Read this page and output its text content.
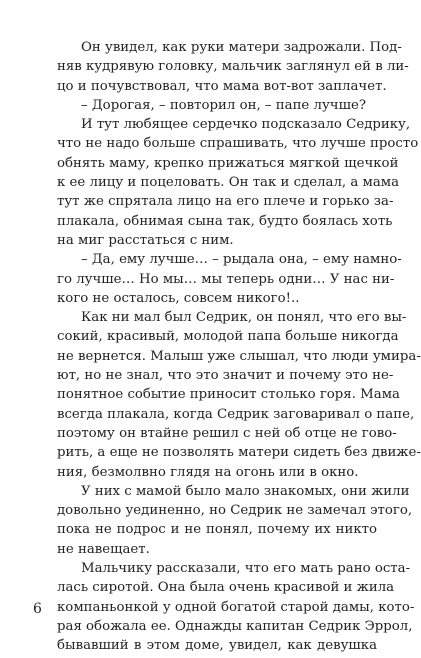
Он увидел, как руки матери задрожали. Под-
няв кудрявую головку, мальчик заглянул ей в ли-
цо и почувствовал, что мама вот-вот заплачет.

– Дорогая, – повторил он, – папе лучше?

И тут любящее сердечко подсказало Седрику,
что не надо больше спрашивать, что лучше просто
обнять маму, крепко прижаться мягкой щечкой
к ее лицу и поцеловать. Он так и сделал, а мама
тут же спрятала лицо на его плече и горько за-
плакала, обнимая сына так, будто боялась хоть
на миг расстаться с ним.

– Да, ему лучше… – рыдала она, – ему намно-
го лучше… Но мы… мы теперь одни… У нас ни-
кого не осталось, совсем никого!..

Как ни мал был Седрик, он понял, что его вы-
сокий, красивый, молодой папа больше никогда
не вернется. Малыш уже слышал, что люди умира-
ют, но не знал, что это значит и почему это не-
понятное событие приносит столько горя. Мама
всегда плакала, когда Седрик заговаривал о папе,
поэтому он втайне решил с ней об отце не гово-
рить, а еще не позволять матери сидеть без движе-
ния, безмолвно глядя на огонь или в окно.

У них с мамой было мало знакомых, они жили
довольно уединенно, но Седрик не замечал этого,
пока не подрос и не понял, почему их никто
не навещает.

Мальчику рассказали, что его мать рано оста-
лась сиротой. Она была очень красивой и жила
компаньонкой у одной богатой старой дамы, кото-
рая обожала ее. Однажды капитан Седрик Эррол,
бывавший в этом доме, увидел, как девушка

6
